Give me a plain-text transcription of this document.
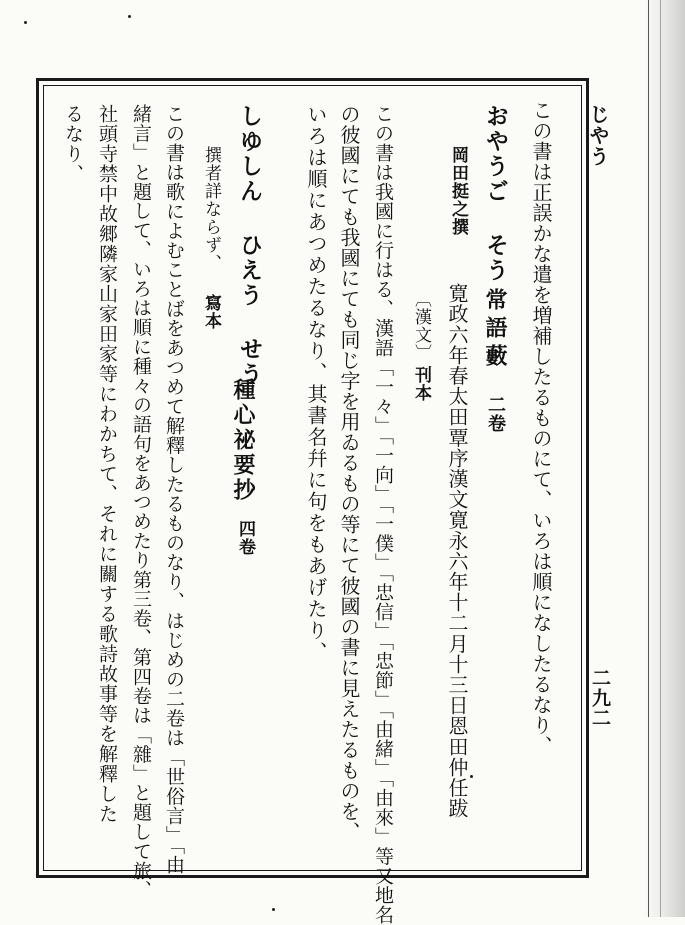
じやう
二九二
この書は正誤かな遣を増補したるものにて、いろは順になしたるなり、
おやうご そう
常語藪
二卷
岡田挺之撰
寛政六年春太田覃序漢文寛永六年十二月十三日恩田仲任跋
〔漢文〕
刊本
この書は我國に行はる、漢語「一々」「一向」「一僕」「忠信」「忠節」「由緒」「由來」等又地名
の彼國にても我國にても同じ字を用ゐるもの等にて彼國の書に見えたるものを、
いろは順にあつめたるなり、其書名幷に句をもあげたり、
しゆしん ひえう せう
種心祕要抄
四卷
撰者詳ならず、
寫本
この書は歌によむことばをあつめて解釋したるものなり、はじめの二卷は「世俗言」「由
緒言」と題して、いろは順に種々の語句をあつめたり第三卷、第四卷は「雜」と題して旅、
社頭寺禁中故郷隣家山家田家等にわかちて、それに關する歌詩故事等を解釋した
るなり、
